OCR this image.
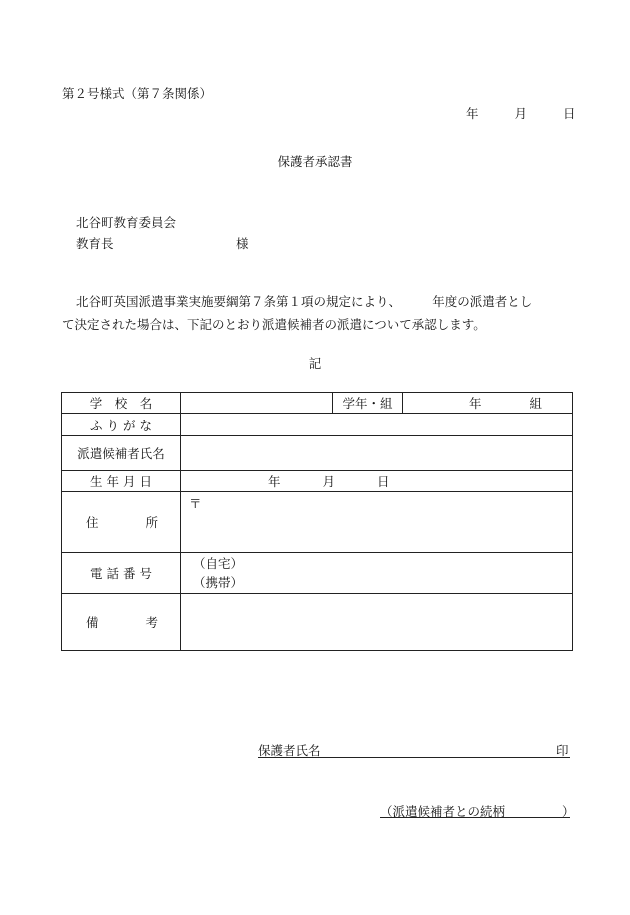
第２号様式（第７条関係）
年	月	日
保護者承認書
北谷町教育委員会
教育長	様
北谷町英国派遣事業実施要綱第７条第１項の規定により、　　　年度の派遣者とし
て決定された場合は、下記のとおり派遣候補者の派遣について承認します。
記
学　校　名		学年・組	年 組

ふ り が な			
派遣候補者氏名			
生 年 月 日	年 月 日		

住 所	〒		
電 話 番 号	（自宅）
（携帯）		

備 考			

保護者氏名	印
（派遣候補者との続柄	）
